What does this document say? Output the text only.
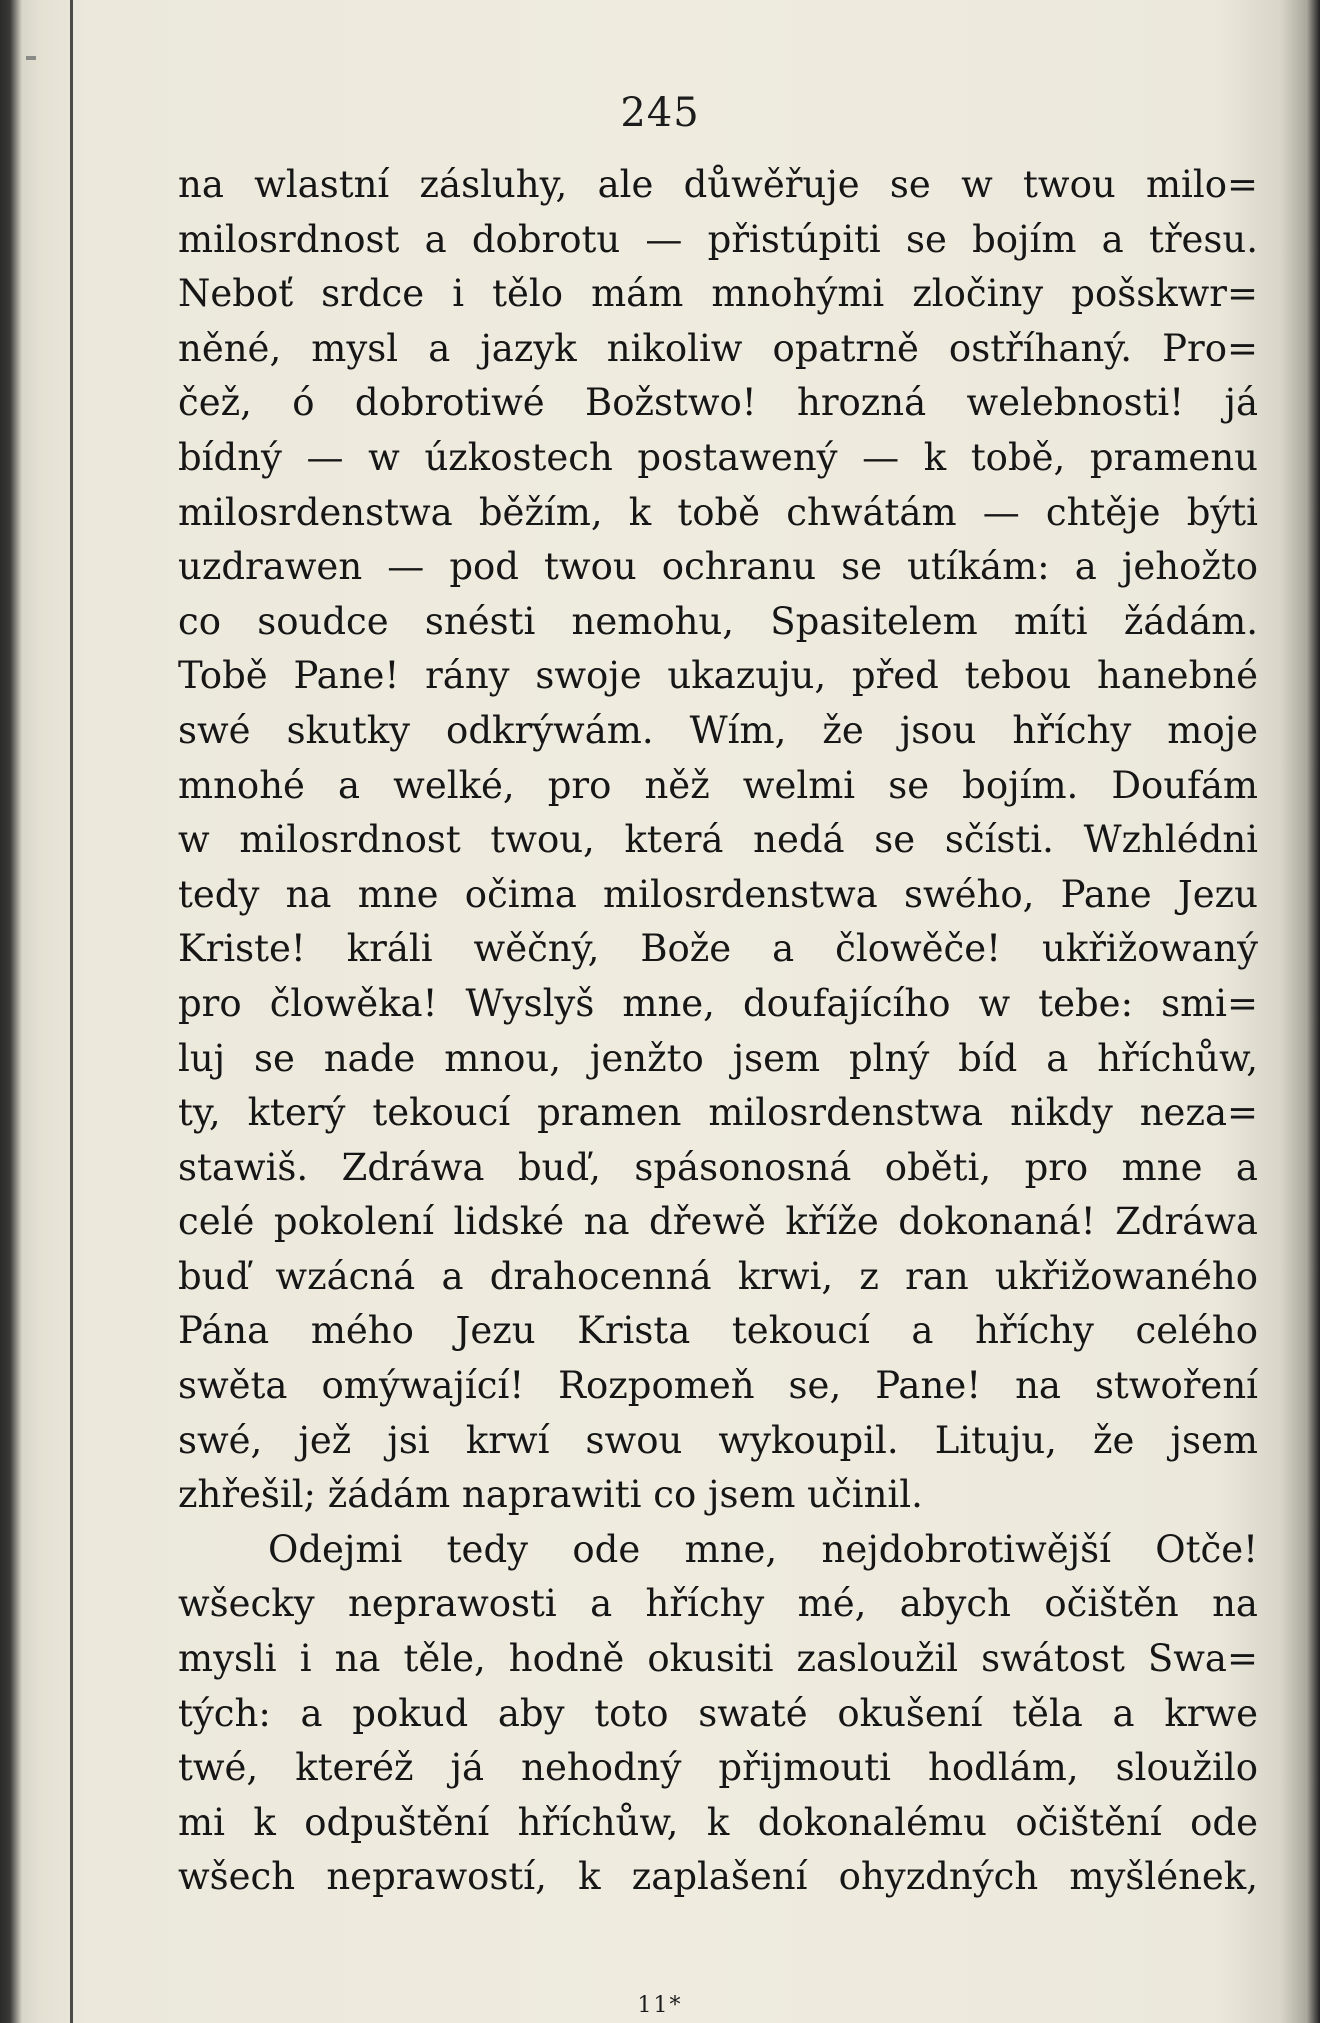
245
na wlastní zásluhy, ale důwěřuje se w twou milo=
milosrdnost a dobrotu — přistúpiti se bojím a třesu.
Neboť srdce i tělo mám mnohými zločiny pošskwr=
něné, mysl a jazyk nikoliw opatrně ostříhaný. Pro=
čež, ó dobrotiwé Božstwo! hrozná welebnosti! já
bídný — w úzkostech postawený — k tobě, pramenu
milosrdenstwa běžím, k tobě chwátám — chtěje býti
uzdrawen — pod twou ochranu se utíkám: a jehožto
co soudce snésti nemohu, Spasitelem míti žádám.
Tobě Pane! rány swoje ukazuju, před tebou hanebné
swé skutky odkrýwám. Wím, že jsou hříchy moje
mnohé a welké, pro něž welmi se bojím. Doufám
w milosrdnost twou, která nedá se sčísti. Wzhlédni
tedy na mne očima milosrdenstwa swého, Pane Jezu
Kriste! králi wěčný, Bože a člowěče! ukřižowaný
pro člowěka! Wyslyš mne, doufajícího w tebe: smi=
luj se nade mnou, jenžto jsem plný bíd a hříchůw,
ty, který tekoucí pramen milosrdenstwa nikdy neza=
stawiš. Zdráwa buď, spásonosná oběti, pro mne a
celé pokolení lidské na dřewě kříže dokonaná! Zdráwa
buď wzácná a drahocenná krwi, z ran ukřižowaného
Pána mého Jezu Krista tekoucí a hříchy celého
swěta omýwající! Rozpomeň se, Pane! na stwoření
swé, jež jsi krwí swou wykoupil. Lituju, že jsem
zhřešil; žádám naprawiti co jsem učinil.
Odejmi tedy ode mne, nejdobrotiwější Otče!
wšecky neprawosti a hříchy mé, abych očištěn na
mysli i na těle, hodně okusiti zasloužil swátost Swa=
tých: a pokud aby toto swaté okušení těla a krwe
twé, kteréž já nehodný přijmouti hodlám, sloužilo
mi k odpuštění hříchůw, k dokonalému očištění ode
wšech neprawostí, k zaplašení ohyzdných myšlének,
11*
